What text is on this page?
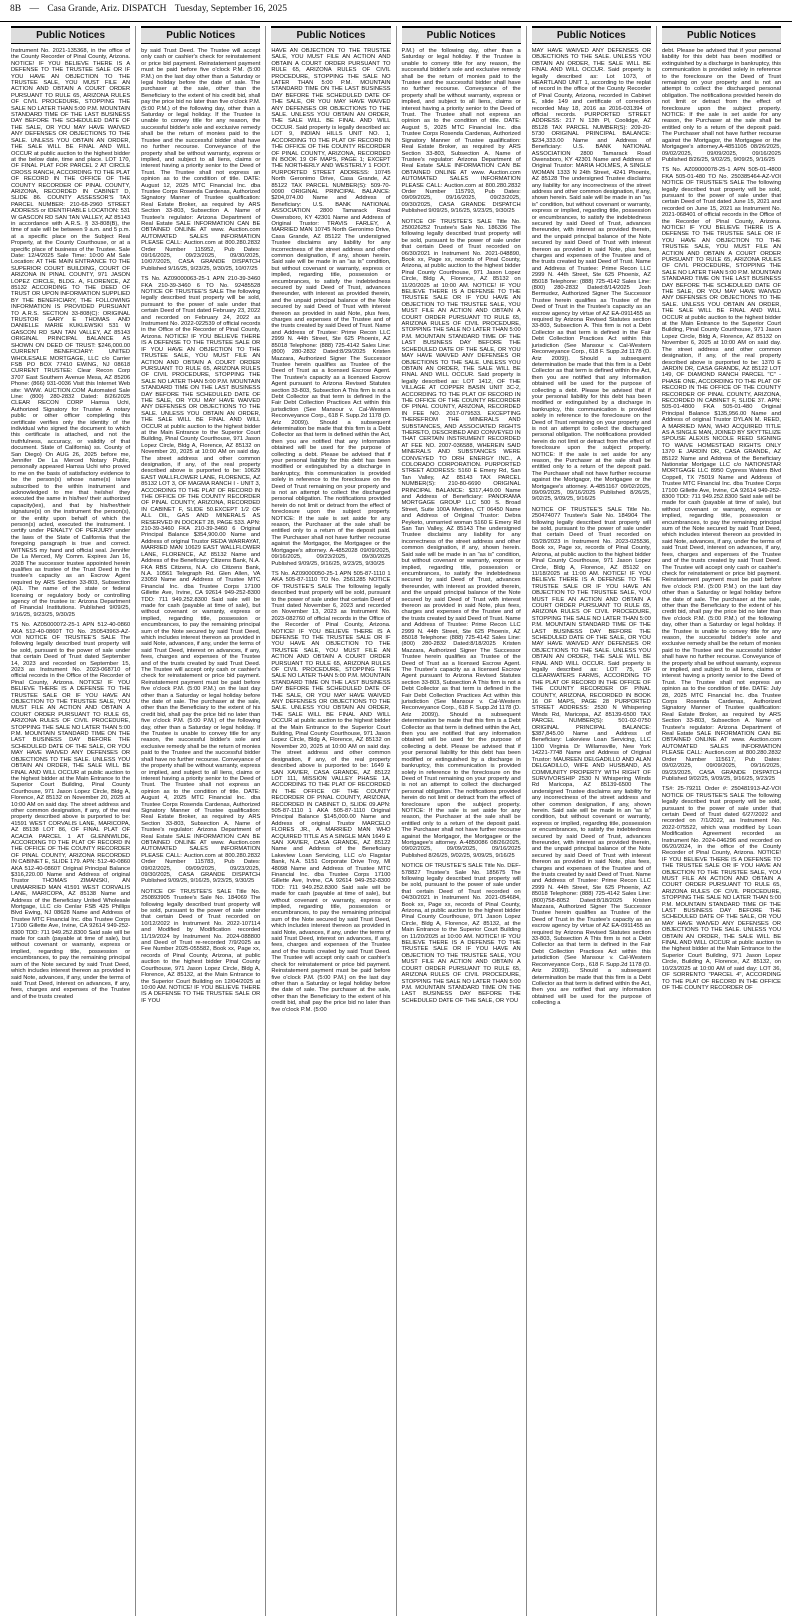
8B — Casa Grande, Ariz. DISPATCH Tuesday, September 16, 2025
Public Notices

Instrument No. 2021-135368, in the office of the County Recorder of Pinal County, Arizona. NOTICE! IF YOU BELIEVE THERE IS A DEFENSE TO THE TRUSTEE SALE OR IF YOU HAVE AN OBJECTION TO THE TRUSTEE SALE, YOU MUST FILE AN ACTION AND OBTAIN A COURT ORDER PURSUANT TO RULE 65, ARIZONA RULES OF CIVIL PROCEDURE, STOPPING THE SALE NO LATER THAN 5:00 P.M. MOUNTAIN STANDARD TIME OF THE LAST BUSINESS DAY BEFORE THE SCHEDULED DATE OF THE SALE, OR YOU MAY HAVE WAIVED ANY DEFENSES OR OBJECTIONS TO THE SALE. UNLESS YOU OBTAIN AN ORDER, THE SALE WILL BE FINAL AND WILL OCCUR at public auction to the highest bidder at the below date, time and place. LOT 170, OF FINAL PLAT FOR PARCEL 2 AT CIRCLE CROSS RANCH, ACCORDING TO THE PLAT OF RECORD IN THE OFFICE OF THE COUNTY RECORDER OF PINAL COUNTY, ARIZONA, RECORDED IN CABINET D, SLIDE 86. COUNTY ASSESSOR'S TAX PARCEL NUMBER: 210-68-2960 STREET ADDRESS or IDENTIFIABLE LOCATION: 531 W GASCON RD SAN TAN VALLEY, AZ 85143 in accordance with A.R.S. § 33-808(B), the time of sale will be between 9 a.m. and 5 p.m. at a specific place on the Subject Real Property, at the County Courthouse, or at a specific place of business of the Trustee. Sale Date: 12/4/2025 Sale Time: 10:00 AM Sale Location: AT THE MAIN ENTRANCE TO THE SUPERIOR COURT BUILDING, COURT OF ARIZONA IN PINAL COUNTY, 971 JASON LOPEZ CIRCLE, BLDG. A, FLORENCE, AZ 85132 ACCORDING TO THE DEED OF TRUST OR UPON INFORMATION SUPPLIED BY THE BENEFICIARY, THE FOLLOWING INFORMATION IS PROVIDED PURSUANT TO A.R.S. SECTION 33-808(C): ORIGINAL TRUSTOR GARY E THOMAS AND DANIELLE MARIE KUKLEWSKI 531 W GASCON RD SAN TAN VALLEY, AZ 85143 ORIGINAL PRINCIPAL BALANCE AS SHOWN ON DEED OF TRUST: $246,000.00 CURRENT BENEFICIARY: UNITED WHOLESALE MORTGAGE, LLC c/o Carrier FSB PO BOX 77410 EWING, NJ 08618 CURRENT TRUSTEE: Clear Recon Corp 3707 East Southern Avenue Mesa, AZ 85206 Phone: (866) 931-0036 Visit this Internet Web site: WWW. AUCTION.COM Automated Sale Line: (800) 280-2832 Dated: 8/26/2025 CLEAR RECON CORP Hamsa Uchi, Authorized Signatory for Trustee A notary public or other officer completing this certificate verifies only the identity of the individual who signed the document to which this certificate is attached, and not the truthfulness, accuracy, or validity of that document. State of California) ss. County of San Diego) On AUG 26, 2025 before me, Jennifer De La Merced Notary Public, personally appeared Hamsa Uchi who proved to me on the basis of satisfactory evidence to be the person(s) whose name(s) is/are subscribed to the within instrument and acknowledged to me that he/she/ they executed the same in his/her/ their authorized capacity(ies), and that by his/her/their signature(s) on the instrument the person(s), or the entity upon behalf of which the person(s) acted, executed the instrument. I certify under PENALTY OF PERJURY under the laws of the State of California that the foregoing paragraph is true and correct. WITNESS my hand and official seal. Jennifer De La Merced, My Comm. Expires Jan 16, 2028 The successor trustee appointed herein qualifies as trustee of the Trust Deed in the trustee's capacity as an Escrow Agent required by ARS Section 33-803, Subsection (A)1. The name of the state or federal licensing or regulatory body or controlling agency of the trustee is: Arizona Department of Financial Institutions. Published 9/09/25, 9/16/25, 9/23/25, 9/30/25

TS No. AZ05000072-25-1 APN 512-40-0860 AKA 512-40-0860T TO No. 250543963-AZ-VOI NOTICE OF TRUSTEE'S SALE The following legally described trust property will be sold, pursuant to the power of sale under that certain Deed of Trust dated September 14, 2023 and recorded on September 15, 2023 as Instrument No. 2023-068710 of official records in the Office of the Recorder of Pinal County, Arizona. NOTICE! IF YOU BELIEVE THERE IS A DEFENSE TO THE TRUSTEE SALE OR IF YOU HAVE AN OBJECTION TO THE TRUSTEE SALE, YOU MUST FILE AN ACTION AND OBTAIN A COURT ORDER PURSUANT TO RULE 65, ARIZONA RULES OF CIVIL PROCEDURE, STOPPING THE SALE NO LATER THAN 5:00 P.M. MOUNTAIN STANDARD TIME ON THE LAST BUSINESS DAY BEFORE THE SCHEDULED DATE OF THE SALE, OR YOU MAY HAVE WAIVED ANY DEFENSES OR OBJECTIONS TO THE SALE. UNLESS YOU OBTAIN AN ORDER, THE SALE WILL BE FINAL AND WILL OCCUR at public auction to the highest bidder at the Main Entrance to the Superior Court Building, Pinal County Courthouse, 971 Jason Lopez Circle, Bldg A, Florence, AZ 85132 on November 20, 2025 at 10:00 AM on said day. The street address and other common designation, if any, of the real property described above is purported to be: 41591 WEST CORVALIS LANE, MARICOPA, AZ 85138 LOT 86, OF FINAL PLAT OF ACACIA PARCEL 1 AT GLENNWILDE, ACCORDING TO THE PLAT OF RECORD IN THE OFFICE OF THE COUNTY RECORDER OF PINAL COUNTY, ARIZONA RECORDED IN CABINET E, SLIDE 179. APN: 512-40-0860 AKA 512-40-0860T Original Principal Balance $316,220.00 Name and Address of original Trustor THOMAS ZIMANSKI, AN UNMARRIED MAN 41591 WEST CORVALIS LANE, MARICOPA, AZ 85138 Name and Address of the Beneficiary United Wholesale Mortgage, LLC c/o Cenlar FSB 425 Phillips Blvd Ewing, NJ 08628 Name and Address of Trustee MTC Financial Inc. dba Trustee Corps 17100 Gillette Ave, Irvine, CA 92614 949-252-8300 TDD: 711 949.252.8300 Said sale will be made for cash (payable at time of sale), but without covenant or warranty, express or implied, regarding title, possession or encumbrances, to pay the remaining principal sum of the Note secured by said Trust Deed, which includes interest thereon as provided in said Note, advances, if any, under the terms of said Trust Deed, interest on advances, if any, fees, charges and expenses of the Trustee and of the trusts created

Public Notices

by said Trust Deed. The Trustee will accept only cash or cashier's check for reinstatement or price bid payment. Reinstatement payment must be paid before five o'clock P.M. (5:00 P.M.) on the last day other than a Saturday or legal holiday before the date of sale. The purchaser at the sale, other than the Beneficiary to the extent of his credit bid, shall pay the price bid no later than five o'clock P.M. (5:00 P.M.) of the following day, other than a Saturday or legal holiday. If the Trustee is unable to convey title for any reason, the successful bidder's sole and exclusive remedy shall be the return of monies paid to the Trustee and the successful bidder shall have no further recourse. Conveyance of the property shall be without warranty, express or implied, and subject to all liens, claims or interest having a priority senior to the Deed of Trust. The Trustee shall not express an opinion as to the condition of title. DATE: August 12, 2025 MTC Financial Inc. dba Trustee Corps Rosenda Cardenas, Authorized Signatory Manner of Trustee qualification: Real Estate Broker, as required by ARS Section 33-803, Subsection A. Name of Trustee's regulator: Arizona Department of Real Estate SALE INFORMATION CAN BE OBTAINED ONLINE AT www. Auction.com AUTOMATED SALES INFORMATION PLEASE CALL: Auction.com at 800.280.2832 Order Number 115952, Pub Dates: 09/16/2025, 09/23/2025, 09/30/2025, 10/07/2025, CASA GRANDE DISPATCH Published 9/16/25, 9/23/25, 9/30/25, 10/07/25

TS No. AZ09000063-25-1 APN 210-39-3460 FKA 210-39-3460 6 TO No. 92485528 NOTICE OF TRUSTEE'S SALE The following legally described trust property will be sold, pursuant to the power of sale under that certain Deed of Trust dated February 23, 2022 and recorded on February 24, 2022 as Instrument No. 2022-022539 of official records in the Office of the Recorder of Pinal County, Arizona. NOTICE! IF YOU BELIEVE THERE IS A DEFENSE TO THE TRUSTEE SALE OR IF YOU HAVE AN OBJECTION TO THE TRUSTEE SALE, YOU MUST FILE AN ACTION AND OBTAIN A COURT ORDER PURSUANT TO RULE 65, ARIZONA RULES OF CIVIL PROCEDURE, STOPPING THE SALE NO LATER THAN 5:00 P.M. MOUNTAIN STANDARD TIME ON THE LAST BUSINESS DAY BEFORE THE SCHEDULED DATE OF THE SALE, OR YOU MAY HAVE WAIVED ANY DEFENSES OR OBJECTIONS TO THE SALE. UNLESS YOU OBTAIN AN ORDER, THE SALE WILL BE FINAL AND WILL OCCUR at public auction to the highest bidder at the Main Entrance to the Superior Court Building, Pinal County Courthouse, 971 Jason Lopez Circle, Bldg A, Florence, AZ 85132 on November 20, 2025 at 10:00 AM on said day. The street address and other common designation, if any, of the real property described above is purported to be: 10629 EAST WALLFLOWER LANE, FLORENCE, AZ 85132 LOT 3, OF MAGMA RANCH I - UNIT 3, ACCORDING TO THE PLAT OF RECORD IN THE OFFICE OF THE COUNTY RECORDER OF PINAL COUNTY, ARIZONA, RECORDED IN CABINET F, SLIDE 50.EXCEPT 1/2 OF ALL OIL, GAS AND MINERALS AS RESERVED IN DOCKET 28, PAGE 533. APN: 210-39-3460 FKA 210-39-3460 6 Original Principal Balance $354,900.00 Name and Address of original Trustor REDA WARRAYAT, MARRIED MAN 10629 EAST WALLFLOWER LANE, FLORENCE, AZ 85132 Name and Address of the Beneficiary Citizens Bank, N.A. FKA RBS Citizens, N.A. c/o Citizens Bank, N.A. 10561 Telegraph Rd. Glen Allen, VA 23059 Name and Address of Trustee MTC Financial Inc. dba Trustee Corps 17100 Gillette Ave, Irvine, CA 92614 949-252-8300 TDD: 711 949.252.8300 Said sale will be made for cash (payable at time of sale), but without covenant or warranty, express or implied, regarding title, possession or encumbrances, to pay the remaining principal sum of the Note secured by said Trust Deed, which includes interest thereon as provided in said Note, advances, if any, under the terms of said Trust Deed, interest on advances, if any, fees, charges and expenses of the Trustee and of the trusts created by said Trust Deed. The Trustee will accept only cash or cashier's check for reinstatement or price bid payment. Reinstatement payment must be paid before five o'clock P.M. (5:00 P.M.) on the last day other than a Saturday or legal holiday before the date of sale. The purchaser at the sale, other than the Beneficiary to the extent of his credit bid, shall pay the price bid no later than five o'clock P.M. (5:00 P.M.) of the following day, other than a Saturday or legal holiday. If the Trustee is unable to convey title for any reason, the successful bidder's sole and exclusive remedy shall be the return of monies paid to the Trustee and the successful bidder shall have no further recourse. Conveyance of the property shall be without warranty, express or implied, and subject to all liens, claims or interest having a priority senior to the Deed of Trust. The Trustee shall not express an opinion as to the condition of title. DATE: August 4, 2025 MTC Financial Inc. dba Trustee Corps Rosenda Cardenas, Authorized Signatory Manner of Trustee qualification: Real Estate Broker, as required by ARS Section 33-803, Subsection A. Name of Trustee's regulator: Arizona Department of Real Estate SALE INFORMATION CAN BE OBTAINED ONLINE AT www. Auction.com AUTOMATED SALES INFORMATION PLEASE CALL: Auction.com at 800.280.2832 Order Number 115783, Pub Dates: 09/02/2025, 09/09/2025, 09/23/2025, 09/30/2025, CASA GRANDE DISPATCH Published 9/09/25, 9/16/25, 9/23/25, 9/30/25

NOTICE OF TRUSTEE'S SALE Title No. 250893905 Trustee's Sale No. 184069 The following legally described trust property will be sold, pursuant to the power of sale under that certain Deed of Trust recorded on 10/12/2022 in Instrument No. 2022-107114 and Modified by Modification recorded 11/19/2024 by Instrument No. 2024-088800 and Deed of Trust re-recorded 7/9/2025 as Fee Number 2025-055582, Book xx, Page xx, records of Pinal County, Arizona, at public auction to the highest bidder Pinal County Courthouse, 971 Jason Lopez Circle, Bldg A, Florence, AZ 85132, at the Main Entrance to the Superior Court Building on 12/04/2025 at 10:00 AM. NOTICE! IF YOU BELIEVE THERE IS A DEFENSE TO THE TRUSTEE SALE OR IF YOU

Public Notices

HAVE AN OBJECTION TO THE TRUSTEE SALE, YOU MUST FILE AN ACTION AND OBTAIN A COURT ORDER PURSUANT TO RULE 65, ARIZONA RULES OF CIVIL PROCEDURE, STOPPING THE SALE NO LATER THAN 5:00 P.M. MOUNTAIN STANDARD TIME ON THE LAST BUSINESS DAY BEFORE THE SCHEDULED DATE OF THE SALE, OR YOU MAY HAVE WAIVED ANY DEFENSES OR OBJECTIONS TO THE SALE. UNLESS YOU OBTAIN AN ORDER, THE SALE WILL BE FINAL AND WILL OCCUR. Said property is legally described as: LOT 9, INDIAN HILLS UNIT NO. 1, ACCORDING TO THE PLAT OF RECORD IN THE OFFICE OF THE COUNTY RECORDER OF PINAL COUNTY, ARIZONA, RECORDED IN BOOK 19 OF MAPS, PAGE 1; EXCEPT THE NORTHERLY AND WESTERLY 1 FOOT. PURPORTED STREET ADDRESS: 10745 North Geronimo Drive, Casa Grande, AZ 85122 TAX PARCEL NUMBER(S): 509-70-0090 ORIGINAL PRINCIPAL BALANCE: $204,074.00 Name and Address of Beneficiary: U.S. BANK NATIONAL ASSOCIATION 2800 Tamarack Road Owensboro, KY 42301 Name and Address of Original Trustor: TRAVIS FARLEY, A MARRIED MAN 10745 North Geronimo Drive, Casa Grande, AZ 85122 The undersigned Trustee disclaims any liability for any incorrectness of the street address and other common designation, if any, shown herein. Said sale will be made in an "as is" condition, but without covenant or warranty, express or implied, regarding title, possession or encumbrances, to satisfy the indebtedness secured by said Deed of Trust, advances thereunder, with interest as provided therein, and the unpaid principal balance of the Note secured by said Deed of Trust with interest thereon as provided in said Note, plus fees, charges and expenses of the Trustee and of the trusts created by said Deed of Trust. Name and Address of Trustee: Prime Recon LLC 2999 N. 44th Street, Ste 625 Phoenix, AZ 85018 Telephone: (888) 725-4142 Sales Line: (800) 280-2832 Dated:8/29/2025 Kristen Mazzara, Authorized Signer The Successor Trustee herein qualifies as Trustee of the Deed of Trust as a licensed Escrow Agent. The Trustee's capacity as a licensed Escrow Agent pursuant to Arizona Revised Statutes section 33-803, Subsection A This firm is not a Debt Collector as that term is defined in the Fair Debt Collection Practices Act within this jurisdiction (See Mansour v. Cal-Western Reconveyance Corp., 618 F. Supp.2d 1178 (D. Ariz 2009)). Should a subsequent determination be made that this firm is a Debt Collector as that term is defined within the Act, then you are notified that any information obtained will be used for the purpose of collecting a debt. Please be advised that if your personal liability for this debt has been modified or extinguished by a discharge in bankruptcy, this communication is provided solely in reference to the foreclosure on the Deed of Trust remaining on your property and is not an attempt to collect the discharged personal obligation. The notifications provided herein do not limit or detract from the effect of foreclosure upon the subject property. NOTICE: If the sale is set aside for any reason, the Purchaser at the sale shall be entitled only to a return of the deposit paid. The Purchaser shall not have further recourse against the Mortgagor, the Mortgagee or the Mortgagee's attorney. A-4852028 09/09/2025, 09/16/2025, 09/23/2025, 09/30/2025 Published 9/09/25, 9/16/25, 9/23/25, 9/30/25

TS No. AZ09000050-25-1 APN 505-87-1110 1 AKA 505-87-1110 TO No. 2561285 NOTICE OF TRUSTEE'S SALE The following legally described trust property will be sold, pursuant to the power of sale under that certain Deed of Trust dated November 6, 2023 and recorded on November 13, 2023 as Instrument No. 2023-082760 of official records in the Office of the Recorder of Pinal County, Arizona. NOTICE! IF YOU BELIEVE THERE IS A DEFENSE TO THE TRUSTEE SALE OR IF YOU HAVE AN OBJECTION TO THE TRUSTEE SALE, YOU MUST FILE AN ACTION AND OBTAIN A COURT ORDER PURSUANT TO RULE 65, ARIZONA RULES OF CIVIL PROCEDURE, STOPPING THE SALE NO LATER THAN 5:00 P.M. MOUNTAIN STANDARD TIME ON THE LAST BUSINESS DAY BEFORE THE SCHEDULED DATE OF THE SALE, OR YOU MAY HAVE WAIVED ANY DEFENSES OR OBJECTIONS TO THE SALE. UNLESS YOU OBTAIN AN ORDER, THE SALE WILL BE FINAL AND WILL OCCUR at public auction to the highest bidder at the Main Entrance to the Superior Court Building, Pinal County Courthouse, 971 Jason Lopez Circle, Bldg A, Florence, AZ 85132 on November 20, 2025 at 10:00 AM on said day. The street address and other common designation, if any, of the real property described above is purported to be: 1649 E SAN XAVIER, CASA GRANDE, AZ 85122 LOT 111, MISSION VALLEY PHASE 1A, ACCORDING TO THE PLAT OF RECORDED IN THE OFFICE OF THE COUNTY RECORDER OF PINAL COUNTY, ARIZONA, RECORDED IN CABINET D, SLIDE 09.APN: 505-87-1110 1 AKA 505-87-1110 Original Principal Balance $145,000.00 Name and Address of original Trustor MARCELO FLORES JR., A MARRIED MAN WHO ACQUIRED TITLE AS A SINGLE MAN 1649 E SAN XAVIER, CASA GRANDE, AZ 85122 Name and Address of the Beneficiary Lakeview Loan Servicing, LLC c/o Flagstar Bank, N.A. 5151 Corporate Drive Troy, MI 48098 Name and Address of Trustee MTC Financial Inc. dba Trustee Corps 17100 Gillette Ave, Irvine, CA 92614 949-252-8300 TDD: 711 949.252.8300 Said sale will be made for cash (payable at time of sale), but without covenant or warranty, express or implied, regarding title, possession or encumbrances, to pay the remaining principal sum of the Note secured by said Trust Deed, which includes interest thereon as provided in said Note, advances, if any, under the terms of said Trust Deed, interest on advances, if any, fees, charges and expenses of the Trustee and of the trusts created by said Trust Deed. The Trustee will accept only cash or cashier's check for reinstatement or price bid payment. Reinstatement payment must be paid before five o'clock P.M. (5:00 P.M.) on the last day other than a Saturday or legal holiday before the date of sale. The purchaser at the sale, other than the Beneficiary to the extent of his credit bid, shall pay the price bid no later than five o'clock P.M. (5:00

Public Notices

P.M.) of the following day, other than a Saturday or legal holiday. If the Trustee is unable to convey title for any reason, the successful bidder's sole and exclusive remedy shall be the return of monies paid to the Trustee and the successful bidder shall have no further recourse. Conveyance of the property shall be without warranty, express or implied, and subject to all liens, claims or interest having a priority senior to the Deed of Trust. The Trustee shall not express an opinion as to the condition of title. DATE: August 5, 2025 MTC Financial Inc. dba Trustee Corps Rosenda Cardenas, Authorized Signatory Manner of Trustee qualification: Real Estate Broker, as required by ARS Section 33-803, Subsection A. Name of Trustee's regulator: Arizona Department of Real Estate SALE INFORMATION CAN BE OBTAINED ONLINE AT www. Auction.com AUTOMATED SALES INFORMATION PLEASE CALL: Auction.com at 800.280.2832 Order Number 115793, Pub Dates: 09/09/2025, 09/16/2025, 09/23/2025, 09/30/2025, CASA GRANDE DISPATCH Published 9/09/25, 9/16/25, 9/23/25, 9/30/25

NOTICE OF TRUSTEE'S SALE Title No. 250026252 Trustee's Sale No. 186336 The following legally described trust property will be sold, pursuant to the power of sale under that certain Deed of Trust recorded on 06/30/2021 in Instrument No. 2021-048890, Book xx, Page xx, records of Pinal County, Arizona, at public auction to the highest bidder Pinal County Courthouse, 971 Jason Lopez Circle, Bldg A, Florence, AZ 85132 on 11/20/2025 at 10:00 AM. NOTICE! IF YOU BELIEVE THERE IS A DEFENSE TO THE TRUSTEE SALE OR IF YOU HAVE AN OBJECTION TO THE TRUSTEE SALE, YOU MUST FILE AN ACTION AND OBTAIN A COURT ORDER PURSUANT TO RULE 65, ARIZONA RULES OF CIVIL PROCEDURE, STOPPING THE SALE NO LATER THAN 5:00 P.M. MOUNTAIN STANDARD TIME OF THE LAST BUSINESS DAY BEFORE THE SCHEDULED DATE OF THE SALE, OR YOU MAY HAVE WAIVED ANY DEFENSES OR OBJECTIONS TO THE SALE. UNLESS YOU OBTAIN AN ORDER, THE SALE WILL BE FINAL AND WILL OCCUR. Said property is legally described as: LOT 1412, OF THE VILLAGE AT COPPER BASIN UNIT 3C-2, ACCORDING TO THE PLAT OF RECORD IN THE OFFICE OF THE COUNTY RECORDER OF PINAL COUNTY, ARIZONA, RECORDED IN FEE NO. 2017-079533. EXCEPTING THEREFROM THE MINERALS AND SUBSTANCES, AND ASSOCIATED RIGHTS THERETO, DESCRIBED AND CONVEYED IN THAT CERTAIN INSTRUMENT RECORDED AT FEE NO. 2007-036588, WHEREIN SAID MINERALS AND SUBSTANCES WERE CONVEYED TO DRH ENERGY INC., A COLORADO CORPORATION. PURPORTED STREET ADDRESS: 5160 E Emery Rd, San Tan Valley, AZ 85143 TAX PARCEL NUMBER(S): 210-80-6690 ORIGINAL PRINCIPAL BALANCE: $317,449.00 Name and Address of Beneficiary: PANORAMA MORTGAGE GROUP LLC 500 S. Broad Street, Suite 100A Meriden, CT 06450 Name and Address of Original Trustor: Debra Peyketo, unmarried woman 5160 E Emery Rd San Tan Valley, AZ 85143 The undersigned Trustee disclaims any liability for any incorrectness of the street address and other common designation, if any, shown herein. Said sale will be made in an "as is" condition, but without covenant or warranty, express or implied, regarding title, possession or encumbrances, to satisfy the indebtedness secured by said Deed of Trust, advances thereunder, with interest as provided therein, and the unpaid principal balance of the Note secured by said Deed of Trust with interest thereon as provided in said Note, plus fees, charges and expenses of the Trustee and of the trusts created by said Deed of Trust. Name and Address of Trustee: Prime Recon LLC 2999 N. 44th Street, Ste 625 Phoenix, AZ 85018 Telephone: (888) 725-4142 Sales Line: (800) 280-2832 Dated:8/18/2025 Kristen Mazzara, Authorized Signer The Successor Trustee herein qualifies as Trustee of the Deed of Trust as a licensed Escrow Agent. The Trustee's capacity as a licensed Escrow Agent pursuant to Arizona Revised Statutes section 33-803, Subsection A This firm is not a Debt Collector as that term is defined in the Fair Debt Collection Practices Act within this jurisdiction (See Mansour v. Cal-Western Reconveyance Corp., 618 F. Supp.2d 1178 (D. Ariz 2009)). Should a subsequent determination be made that this firm is a Debt Collector as that term is defined within the Act, then you are notified that any information obtained will be used for the purpose of collecting a debt. Please be advised that if your personal liability for this debt has been modified or extinguished by a discharge in bankruptcy, this communication is provided solely in reference to the foreclosure on the Deed of Trust remaining on your property and is not an attempt to collect the discharged personal obligation. The notifications provided herein do not limit or detract from the effect of foreclosure upon the subject property. NOTICE: If the sale is set aside for any reason, the Purchaser at the sale shall be entitled only to a return of the deposit paid. The Purchaser shall not have further recourse against the Mortgagor, the Mortgagee or the Mortgagee's attorney. A-4850086 08/26/2025, 09/02/2025, 09/09/2025, 09/16/2025 Published 8/26/25, 9/02/25, 9/09/25, 9/16/25

NOTICE OF TRUSTEE'S SALE Title No. DEF-578827 Trustee's Sale No. 185675 The following legally described trust property will be sold, pursuant to the power of sale under that certain Deed of Trust recorded on 04/30/2021 in Instrument No. 2021-054684, Book xx, Page xx, records of Pinal County, Arizona, at public auction to the highest bidder Pinal County Courthouse, 971 Jason Lopez Circle, Bldg A, Florence, AZ 85132, at the Main Entrance to the Superior Court Building on 11/20/2025 at 10:00 AM. NOTICE! IF YOU BELIEVE THERE IS A DEFENSE TO THE TRUSTEE SALE OR IF YOU HAVE AN OBJECTION TO THE TRUSTEE SALE, YOU MUST FILE AN ACTION AND OBTAIN A COURT ORDER PURSUANT TO RULE 65, ARIZONA RULES OF CIVIL PROCEDURE, STOPPING THE SALE NO LATER THAN 5:00 P.M. MOUNTAIN STANDARD TIME ON THE LAST BUSINESS DAY BEFORE THE SCHEDULED DATE OF THE SALE, OR YOU

Public Notices

MAY HAVE WAIVED ANY DEFENSES OR OBJECTIONS TO THE SALE. UNLESS YOU OBTAIN AN ORDER, THE SALE WILL BE FINAL AND WILL OCCUR. Said property is legally described as: Lot 1073, of HEARTLAND UNIT 1, according to the replat of record in the office of the County Recorder of Pinal County, Arizona, recorded in Cabinet E, slide 149 and certificate of correction recorded May 18, 2016 as 2016-031394 of official records. PURPORTED STREET ADDRESS: 217 N 13th Pl, Coolidge, AZ 85128 TAX PARCEL NUMBER(S): 209-20-5730 ORIGINAL PRINCIPAL BALANCE: $234,333.00 Name and Address of Beneficiary: U.S. BANK NATIONAL ASSOCIATION 2800 Tamarack Road Owensboro, KY 42301 Name and Address of Original Trustor: MARIA HOLMES, A SINGLE WOMAN 1333 N 24th Street, 4241 Phoenix, AZ 85128 The undersigned Trustee disclaims any liability for any incorrectness of the street address and other common designation, if any, shown herein. Said sale will be made in an "as is" condition, but without covenant or warranty, express or implied, regarding title, possession or encumbrances, to satisfy the indebtedness secured by said Deed of Trust, advances thereunder, with interest as provided therein, and the unpaid principal balance of the Note secured by said Deed of Trust with interest thereon as provided in said Note, plus fees, charges and expenses of the Trustee and of the trusts created by said Deed of Trust. Name and Address of Trustee: Prime Recon LLC 2999 N. 44th Street, Ste 625 Phoenix, AZ 85018 Telephone: (888) 725-4142 Sales Line: (800) 280-2832 Dated:8/14/2025 Josh Bermudez, Authorized Signer The Successor Trustee herein qualifies as Trustee of the Deed of Trust in the Trustee's capacity as an escrow agency by virtue of AZ EA-0911455 as required by Arizona Revised Statutes section 33-803, Subsection A. This firm is not a Debt Collector as that term is defined in the Fair Debt Collection Practices Act within this jurisdiction (See Mansour v. Cal-Western Reconveyance Corp., 618 F. Supp.2d 1178 (D. Ariz 2009)). Should a subsequent determination be made that this firm is a Debt Collector as that term is defined within the Act, then you are notified that any information obtained will be used for the purpose of collecting a debt. Please be advised that if your personal liability for this debt has been modified or extinguished by a discharge in bankruptcy, this communication is provided solely in reference to the foreclosure on the Deed of Trust remaining on your property and is not an attempt to collect the discharged personal obligation. The notifications provided herein do not limit or detract from the effect of foreclosure upon the subject property. NOTICE: If the sale is set aside for any reason, the Purchaser at the sale shall be entitled only to a return of the deposit paid. The Purchaser shall not have further recourse against the Mortgagor, the Mortgagee or the Mortgagee's attorney. A-4851167 09/02/2025, 09/09/2025, 09/16/2025 Published 8/26/25, 9/02/25, 9/09/25, 9/16/25

NOTICE OF TRUSTEE'S SALE Title No. 250474077 Trustee's Sale No. 184904 The following legally described trust property will be sold, pursuant to the power of sale under that certain Deed of Trust recorded on 03/28/2023 in Instrument No. 2023-025536, Book xx, Page xx, records of Pinal County, Arizona, at public auction to the highest bidder Pinal County Courthouse, 971 Jason Lopez Circle, Bldg A, Florence, AZ 85132 on 11/18/2025 at 11:00 AM. NOTICE! IF YOU BELIEVE THERE IS A DEFENSE TO THE TRUSTEE SALE OR IF YOU HAVE AN OBJECTION TO THE TRUSTEE SALE, YOU MUST FILE AN ACTION AND OBTAIN A COURT ORDER PURSUANT TO RULE 65, ARIZONA RULES OF CIVIL PROCEDURE, STOPPING THE SALE NO LATER THAN 5:00 P.M. MOUNTAIN STANDARD TIME OF THE LAST BUSINESS DAY BEFORE THE SCHEDULED DATE OF THE SALE, OR YOU MAY HAVE WAIVED ANY DEFENSES OR OBJECTIONS TO THE SALE. UNLESS YOU OBTAIN AN ORDER, THE SALE WILL BE FINAL AND WILL OCCUR. Said property is legally described as: LOT 75, OF CLEARWATERS FARMS, ACCORDING TO THE PLAT OF RECORD IN THE OFFICE OF THE COUNTY RECORDER OF PINAL COUNTY, ARIZONA, RECORDED IN BOOK 16 OF MAPS, PAGE 28 PURPORTED STREET ADDRESS: 2530 N Whispering Winds Rd, Maricopa, AZ 85139-6500 TAX PARCEL NUMBER(S): 501-02-0750 ORIGINAL PRINCIPAL BALANCE: $387,845.00 Name and Address of Beneficiary: Lakeview Loan Servicing, LLC 1100 Virginia Dr Willamsville, New York 14221-7748 Name and Address of Original Trustor: MAUREEN DELGADILLO AND ALAN DELGADILLO, WIFE AND HUSBAND, AS COMMUNITY PROPERTY WITH RIGHT OF SURVIVORSHIP 2530 N Whispering Winds Rd Maricopa, AZ 85139-6500 The undersigned Trustee disclaims any liability for any incorrectness of the street address and other common designation, if any, shown herein. Said sale will be made in an "as is" condition, but without covenant or warranty, express or implied, regarding title, possession or encumbrances, to satisfy the indebtedness secured by said Deed of Trust, advances thereunder, with interest as provided therein, and the unpaid principal balance of the Note secured by said Deed of Trust with interest thereon as provided in said Note, plus fees, charges and expenses of the Trustee and of the trusts created by said Deed of Trust. Name and Address of Trustee: Prime Recon LLC 2999 N. 44th Street, Ste 625 Phoenix, AZ 85018 Telephone: (888) 725-4142 Sales Line: (800)758-8052 Dated:8/18/2025 Kristen Mazzara, Authorized Signer The Successor Trustee herein qualifies as Trustee of the Deed of Trust in the Trustee's capacity as an escrow agency by virtue of AZ EA-0911455 as required by Arizona Revised Statutes section 33-803, Subsection A This firm is not a Debt Collector as that term is defined in the Fair Debt Collection Practices Act within this jurisdiction (See Mansour v. Cal-Western Reconveyance Corp., 618 F. Supp.2d 1178 (D. Ariz 2009)). Should a subsequent determination be made that this firm is a Debt Collector as that term is defined within the Act, then you are notified that any information obtained will be used for the purpose of collecting a

Public Notices

debt. Please be advised that if your personal liability for this debt has been modified or extinguished by a discharge in bankruptcy, this communication is provided solely in reference to the foreclosure on the Deed of Trust remaining on your property and is not an attempt to collect the discharged personal obligation. The notifications provided herein do not limit or detract from the effect of foreclosure upon the subject property. NOTICE: If the sale is set aside for any reason, the Purchaser at the sale shall be entitled only to a return of the deposit paid. The Purchaser shall not have further recourse against the Mortgagor, the Mortgagee or the Mortgagee's attorney.A-4851105 08/26/2025, 09/02/2025, 09/09/2025, 09/16/2025 Published 8/26/25, 9/02/25, 9/09/25, 9/16/25

TS No. AZ09000078-25-1 APN 505-01-4800 FKA 505-01-480 TO No. 250385464-AZ-VOI NOTICE OF TRUSTEE'S SALE The following legally described trust property will be sold, pursuant to the power of sale under that certain Deed of Trust dated June 15, 2021 and recorded on June 15, 2021 as Instrument No. 2021-068401 of official records in the Office of the Recorder of Pinal County, Arizona. NOTICE! IF YOU BELIEVE THERE IS A DEFENSE TO THE TRUSTEE SALE OR IF YOU HAVE AN OBJECTION TO THE TRUSTEE SALE, YOU MUST FILE AN ACTION AND OBTAIN A COURT ORDER PURSUANT TO RULE 65, ARIZONA RULES OF CIVIL PROCEDURE, STOPPING THE SALE NO LATER THAN 5:00 P.M. MOUNTAIN STANDARD TIME ON THE LAST BUSINESS DAY BEFORE THE SCHEDULED DATE OF THE SALE, OR YOU MAY HAVE WAIVED ANY DEFENSES OR OBJECTIONS TO THE SALE. UNLESS YOU OBTAIN AN ORDER, THE SALE WILL BE FINAL AND WILL OCCUR at public auction to the highest bidder at the Main Entrance to the Superior Court Building, Pinal County Courthouse, 971 Jason Lopez Circle, Bldg A, Florence, AZ 85132 on November 6, 2025 at 10:00 AM on said day. The street address and other common designation, if any, of the real property described above is purported to be: 1370 E JARDIN DR, CASA GRANDE, AZ 85122 LOT 149, OF DIAMOND RANCH PARCEL "C" - PHASE ONE, ACCORDING TO THE PLAT OF RECORD IN THE OFFICE OF THE COUNTY RECORDER OF PINAL COUNTY, ARIZONA, RECORDED IN CABINET F, SLIDE 37. APN: 505-01-4800 FKA 505-01-480 Original Principal Balance $135,956.00 Name and Address of original Trustor DYLAN M. REED, A MARRIED MAN, WHO ACQUIRED TITLE AS A SINGLE MAN, JOINED BY SKYTTELIZE SPOUSE ALEXIS NICOLE REED SIGNING TO WAIVE HOMESTEAD RIGHTS ONLY 1370 E JARDIN DR, CASA GRANDE, AZ 85122 Name and Address of the Beneficiary Nationstar Mortgage LLC c/o NATIONSTAR MORTGAGE LLC 8950 Cypress Waters Blvd Coppell, TX 75019 Name and Address of Trustee MTC Financial Inc. dba Trustee Corps 17100 Gillette Ave, Irvine, CA 92614 949-252-8300 TDD: 711 949.252.8300 Said sale will be made for cash (payable at time of sale), but without covenant or warranty, express or implied, regarding title, possession or encumbrances, to pay the remaining principal sum of the Note secured by said Trust Deed, which includes interest thereon as provided in said Note, advances, if any, under the terms of said Trust Deed, interest on advances, if any, fees, charges and expenses of the Trustee and of the trusts created by said Trust Deed. The Trustee will accept only cash or cashier's check for reinstatement or price bid payment. Reinstatement payment must be paid before five o'clock P.M. (5:00 P.M.) on the last day other than a Saturday or legal holiday before the date of sale. The purchaser at the sale, other than the Beneficiary to the extent of his credit bid, shall pay the price bid no later than five o'clock P.M. (5:00 P.M.) of the following day, other than a Saturday or legal holiday. If the Trustee is unable to convey title for any reason, the successful bidder's sole and exclusive remedy shall be the return of monies paid to the Trustee and the successful bidder shall have no further recourse. Conveyance of the property shall be without warranty, express or implied, and subject to all liens, claims or interest having a priority senior to the Deed of Trust. The Trustee shall not express an opinion as to the condition of title. DATE: July 28, 2025 MTC Financial Inc. dba Trustee Corps Rosenda Cardenas, Authorized Signatory Manner of Trustee qualification: Real Estate Broker, as required by ARS Section 33-803, Subsection A. Name of Trustee's regulator: Arizona Department of Real Estate SALE INFORMATION CAN BE OBTAINED ONLINE AT www. Auction.com AUTOMATED SALES INFORMATION PLEASE CALL: Auction.com at 800.280.2832 Order Number 115617, Pub Dates: 09/02/2025, 09/09/2025, 09/16/2025, 09/23/2025, CASA GRANDE DISPATCH Published 9/02/25, 9/09/25, 9/16/25, 9/23/25

TS#: 25-79211 Order #: 250481913-AZ-VOI NOTICE OF TRUSTEE'S SALE The following legally described trust property will be sold, pursuant to the power of sale under that certain Deed of Trust dated 6/27/2022 and recorded on 7/1/2022, as Instrument No. 2022-075522, which was modified by Loan Modification Agreement recorded as Instrument No. 2024-046296 and recorded on 06/20/2024, in the office of the County Recorder of Pinal County, Arizona. NOTICE! IF YOU BELIEVE THERE IS A DEFENSE TO THE TRUSTEE SALE OR IF YOU HAVE AN OBJECTION TO THE TRUSTEE SALE, YOU MUST FILE AN ACTION AND OBTAIN A COURT ORDER PURSUANT TO RULE 65, ARIZONA RULES OF CIVIL PROCEDURE, STOPPING THE SALE NO LATER THAN 5:00 P.M. MOUNTAIN STANDARD TIME OF THE LAST BUSINESS DAY BEFORE THE SCHEDULED DATE OF THE SALE, OR YOU MAY HAVE WAIVED ANY DEFENSES OR OBJECTIONS TO THE SALE. UNLESS YOU OBTAIN AN ORDER, THE SALE WILL BE FINAL AND WILL OCCUR at public auction to the highest bidder at the Main Entrance to the Superior Court Building, 971 Jason Lopez Circle, Building A, Florence, AZ 85132, on 10/23/2025 at 10:00 AM of said day: LOT 36, OF SORRENTO "PARCEL 4", ACCORDING TO THE PLAT OF RECORD IN THE OFFICE OF THE COUNTY RECORDER OF
